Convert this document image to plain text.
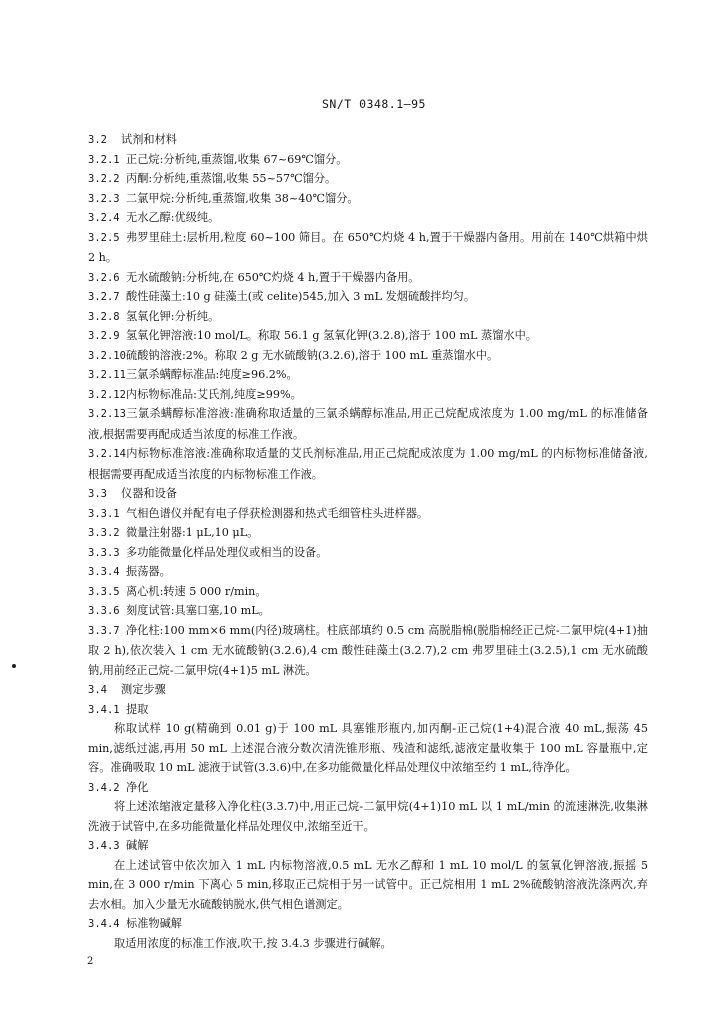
SN/T 0348.1—95
3.2 试剂和材料
3.2.1 正己烷:分析纯,重蒸馏,收集 67~69℃馏分。
3.2.2 丙酮:分析纯,重蒸馏,收集 55~57℃馏分。
3.2.3 二氯甲烷:分析纯,重蒸馏,收集 38~40℃馏分。
3.2.4 无水乙醇:优级纯。
3.2.5 弗罗里硅土:层析用,粒度 60~100 筛目。在 650℃灼烧 4 h,置于干燥器内备用。用前在 140℃烘箱中烘 2 h。
3.2.6 无水硫酸钠:分析纯,在 650℃灼烧 4 h,置于干燥器内备用。
3.2.7 酸性硅藻土:10 g 硅藻土(或 celite)545,加入 3 mL 发烟硫酸拌均匀。
3.2.8 氢氧化钾:分析纯。
3.2.9 氢氧化钾溶液:10 mol/L。称取 56.1 g 氢氧化钾(3.2.8),溶于 100 mL 蒸馏水中。
3.2.10硫酸钠溶液:2%。称取 2 g 无水硫酸钠(3.2.6),溶于 100 mL 重蒸馏水中。
3.2.11三氯杀螨醇标准品:纯度≥96.2%。
3.2.12内标物标准品:艾氏剂,纯度≥99%。
3.2.13三氯杀螨醇标准溶液:准确称取适量的三氯杀螨醇标准品,用正己烷配成浓度为 1.00 mg/mL 的标准储备液,根据需要再配成适当浓度的标准工作液。
3.2.14内标物标准溶液:准确称取适量的艾氏剂标准品,用正己烷配成浓度为 1.00 mg/mL 的内标物标准储备液,根据需要再配成适当浓度的内标物标准工作液。
3.3 仪器和设备
3.3.1 气相色谱仪并配有电子俘获检测器和热式毛细管柱头进样器。
3.3.2 微量注射器:1 μL,10 μL。
3.3.3 多功能微量化样品处理仪或相当的设备。
3.3.4 振荡器。
3.3.5 离心机:转速 5 000 r/min。
3.3.6 刻度试管:具塞口塞,10 mL。
3.3.7 净化柱:100 mm×6 mm(内径)玻璃柱。柱底部填约 0.5 cm 高脱脂棉(脱脂棉经正己烷-二氯甲烷(4+1)抽取 2 h),依次装入 1 cm 无水硫酸钠(3.2.6),4 cm 酸性硅藻土(3.2.7),2 cm 弗罗里硅土(3.2.5),1 cm 无水硫酸钠,用前经正己烷-二氯甲烷(4+1)5 mL 淋洗。
3.4 测定步骤
3.4.1 提取
称取试样 10 g(精确到 0.01 g)于 100 mL 具塞锥形瓶内,加丙酮-正己烷(1+4)混合液 40 mL,振荡 45 min,滤纸过滤,再用 50 mL 上述混合液分数次清洗锥形瓶、残渣和滤纸,滤液定量收集于 100 mL 容量瓶中,定容。准确吸取 10 mL 滤液于试管(3.3.6)中,在多功能微量化样品处理仪中浓缩至约 1 mL,待净化。
3.4.2 净化
将上述浓缩液定量移入净化柱(3.3.7)中,用正己烷-二氯甲烷(4+1)10 mL 以 1 mL/min 的流速淋洗,收集淋洗液于试管中,在多功能微量化样品处理仪中,浓缩至近干。
3.4.3 碱解
在上述试管中依次加入 1 mL 内标物溶液,0.5 mL 无水乙醇和 1 mL 10 mol/L 的氢氧化钾溶液,振摇 5 min,在 3 000 r/min 下离心 5 min,移取正己烷相于另一试管中。正己烷相用 1 mL 2%硫酸钠溶液洗涤两次,弃去水相。加入少量无水硫酸钠脱水,供气相色谱测定。
3.4.4 标准物碱解
取适用浓度的标准工作液,吹干,按 3.4.3 步骤进行碱解。
2
